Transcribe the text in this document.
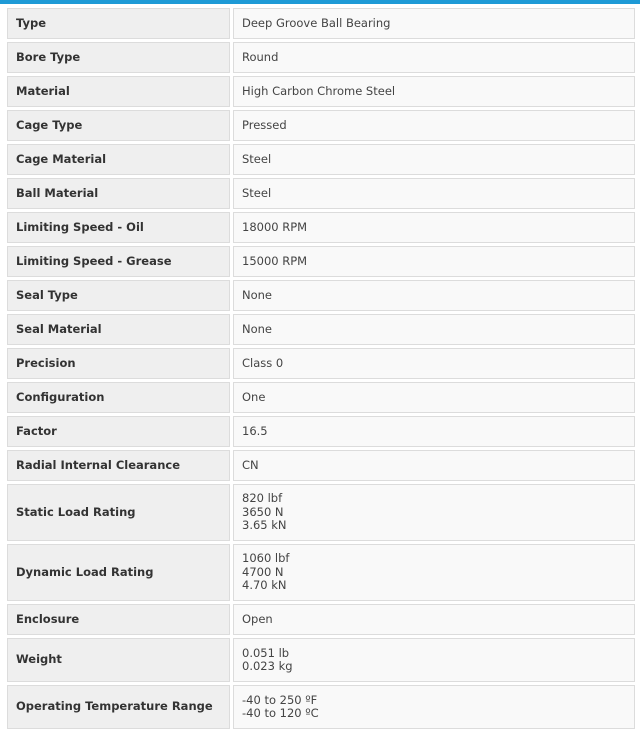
Type	Deep Groove Ball Bearing

Bore Type	Round

Material	High Carbon Chrome Steel

Cage Type	Pressed

Cage Material	Steel

Ball Material	Steel

Limiting Speed - Oil	18000 RPM

Limiting Speed - Grease	15000 RPM

Seal Type	None

Seal Material	None

Precision	Class 0

Configuration	One

Factor	16.5

Radial Internal Clearance	CN

Static Load Rating	820 lbf
3650 N
3.65 kN

Dynamic Load Rating	1060 lbf
4700 N
4.70 kN

Enclosure	Open

Weight	0.051 lb
0.023 kg

Operating Temperature Range	-40 to 250 ºF
-40 to 120 ºC
